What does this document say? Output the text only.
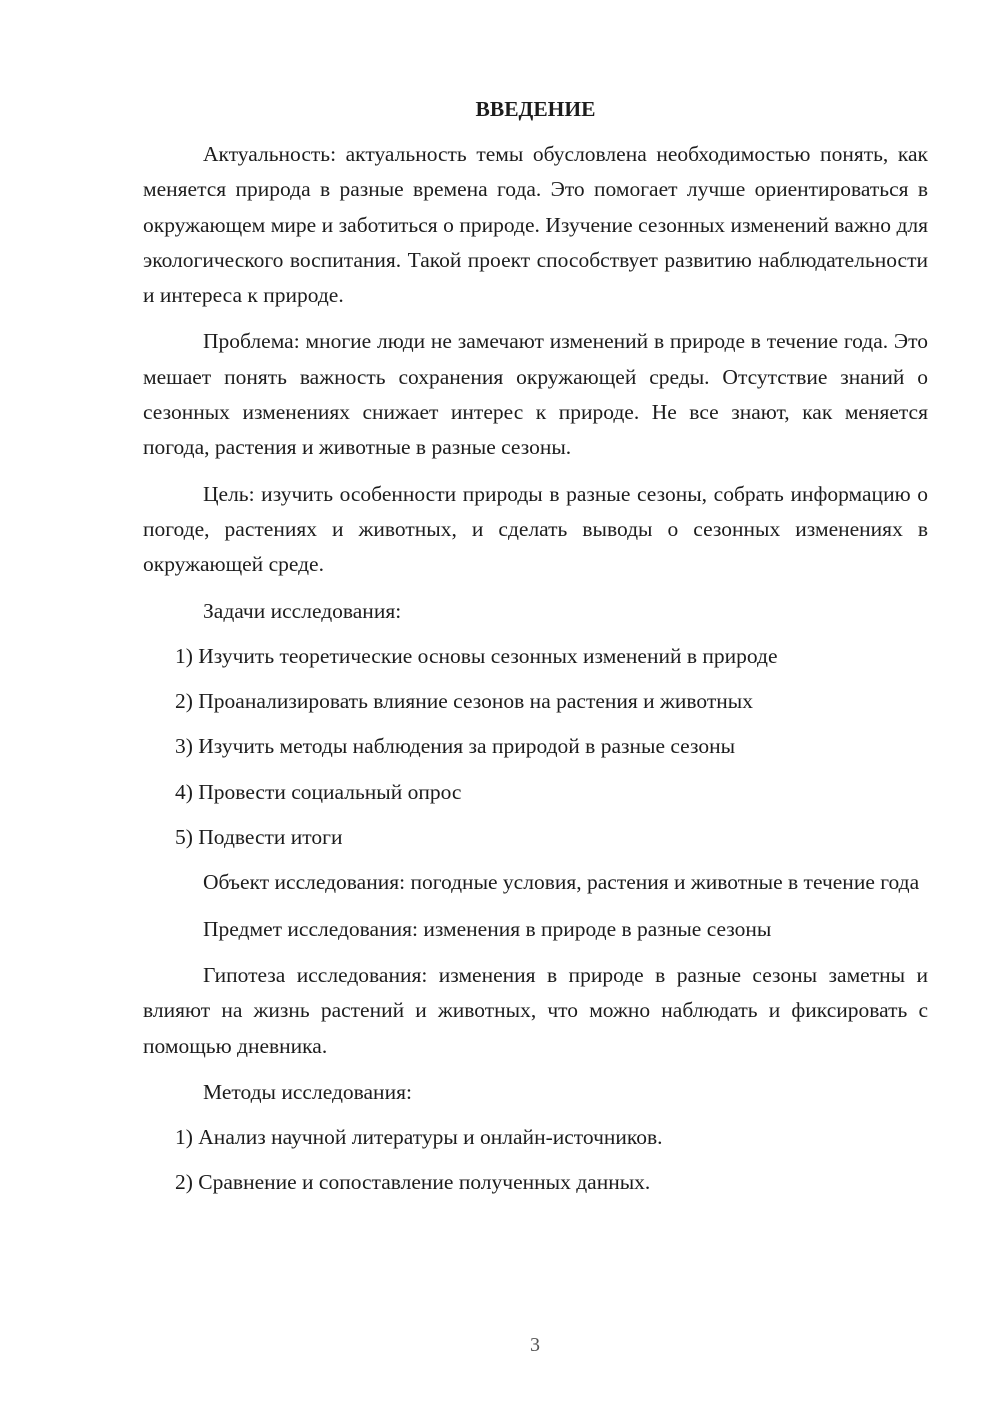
ВВЕДЕНИЕ

Актуальность: актуальность темы обусловлена необходимостью понять, как меняется природа в разные времена года. Это помогает лучше ориентироваться в окружающем мире и заботиться о природе. Изучение сезонных изменений важно для экологического воспитания. Такой проект способствует развитию наблюдательности и интереса к природе.

Проблема: многие люди не замечают изменений в природе в течение года. Это мешает понять важность сохранения окружающей среды. Отсутствие знаний о сезонных изменениях снижает интерес к природе. Не все знают, как меняется погода, растения и животные в разные сезоны.

Цель: изучить особенности природы в разные сезоны, собрать информацию о погоде, растениях и животных, и сделать выводы о сезонных изменениях в окружающей среде.

Задачи исследования:
1) Изучить теоретические основы сезонных изменений в природе
2) Проанализировать влияние сезонов на растения и животных
3) Изучить методы наблюдения за природой в разные сезоны
4) Провести социальный опрос
5) Подвести итоги

Объект исследования: погодные условия, растения и животные в течение года

Предмет исследования: изменения в природе в разные сезоны

Гипотеза исследования: изменения в природе в разные сезоны заметны и влияют на жизнь растений и животных, что можно наблюдать и фиксировать с помощью дневника.

Методы исследования:
1) Анализ научной литературы и онлайн-источников.
2) Сравнение и сопоставление полученных данных.
3
